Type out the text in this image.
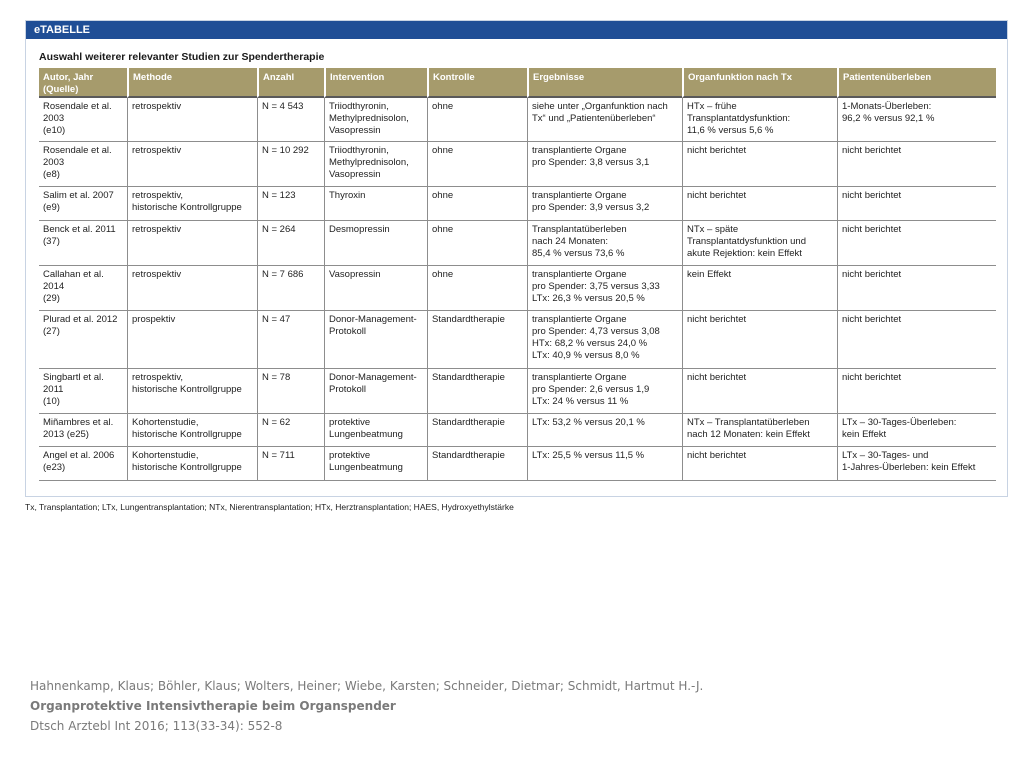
eTABELLE
Auswahl weiterer relevanter Studien zur Spendertherapie
Autor, Jahr
(Quelle)	Methode	Anzahl	Intervention	Kontrolle	Ergebnisse	Organfunktion nach Tx	Patientenüberleben

Rosendale et al.
2003
(e10)	retrospektiv	N = 4 543	Triiodthyronin,
Methylprednisolon,
Vasopressin	ohne	siehe unter „Organfunktion nach
Tx“ und „Patientenüberleben“	HTx – frühe
Transplantatdysfunktion:
11,6 % versus 5,6 %	1-Monats-Überleben:
96,2 % versus 92,1 %

Rosendale et al.
2003
(e8)	retrospektiv	N = 10 292	Triiodthyronin,
Methylprednisolon,
Vasopressin	ohne	transplantierte Organe
pro Spender: 3,8 versus 3,1	nicht berichtet	nicht berichtet

Salim et al. 2007
(e9)	retrospektiv,
historische Kontrollgruppe	N = 123	Thyroxin	ohne	transplantierte Organe
pro Spender: 3,9 versus 3,2	nicht berichtet	nicht berichtet

Benck et al. 2011
(37)	retrospektiv	N = 264	Desmopressin	ohne	Transplantatüberleben
nach 24 Monaten:
85,4 % versus 73,6 %	NTx – späte
Transplantatdysfunktion und
akute Rejektion: kein Effekt	nicht berichtet

Callahan et al.
2014
(29)	retrospektiv	N = 7 686	Vasopressin	ohne	transplantierte Organe
pro Spender: 3,75 versus 3,33
LTx: 26,3 % versus 20,5 %	kein Effekt	nicht berichtet

Plurad et al. 2012
(27)	prospektiv	N = 47	Donor-Management-
Protokoll	Standardtherapie	transplantierte Organe
pro Spender: 4,73 versus 3,08
HTx: 68,2 % versus 24,0 %
LTx: 40,9 % versus 8,0 %	nicht berichtet	nicht berichtet

Singbartl et al.
2011
(10)	retrospektiv,
historische Kontrollgruppe	N = 78	Donor-Management-
Protokoll	Standardtherapie	transplantierte Organe
pro Spender: 2,6 versus 1,9
LTx: 24 % versus 11 %	nicht berichtet	nicht berichtet

Miñambres et al.
2013 (e25)	Kohortenstudie,
historische Kontrollgruppe	N = 62	protektive
Lungenbeatmung	Standardtherapie	LTx: 53,2 % versus 20,1 %	NTx – Transplantatüberleben
nach 12 Monaten: kein Effekt	LTx – 30-Tages-Überleben:
kein Effekt

Angel et al. 2006
(e23)	Kohortenstudie,
historische Kontrollgruppe	N = 711	protektive
Lungenbeatmung	Standardtherapie	LTx: 25,5 % versus 11,5 %	nicht berichtet	LTx – 30-Tages- und
1-Jahres-Überleben: kein Effekt
Tx, Transplantation; LTx, Lungentransplantation; NTx, Nierentransplantation; HTx, Herztransplantation; HAES, Hydroxyethylstärke
Hahnenkamp, Klaus; Böhler, Klaus; Wolters, Heiner; Wiebe, Karsten; Schneider, Dietmar; Schmidt, Hartmut H.-J.
Organprotektive Intensivtherapie beim Organspender
Dtsch Arztebl Int 2016; 113(33-34): 552-8
